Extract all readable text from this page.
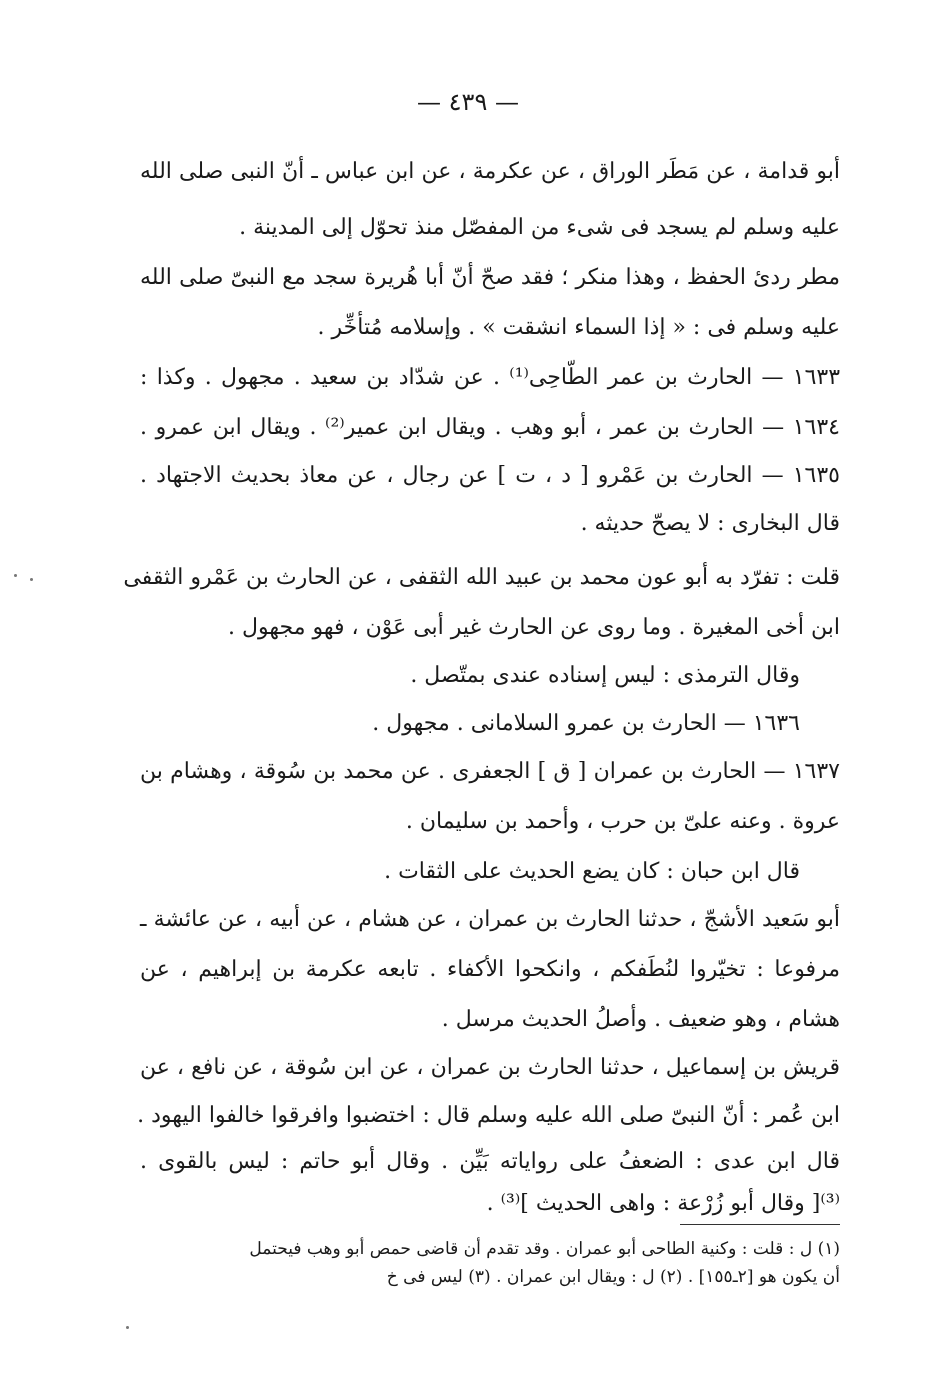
— ٤٣٩ —
أبو قدامة ، عن مَطَر الوراق ، عن عكرمة ، عن ابن عباس ـ أنّ النبى صلى الله
عليه وسلم لم يسجد فى شىء من المفصّل منذ تحوّل إلى المدينة .
مطر ردئ الحفظ ، وهذا منكر ؛ فقد صحّ أنّ أبا هُريرة سجد مع النبىّ صلى الله
عليه وسلم فى : « إذا السماء انشقت » . وإسلامه مُتأخِّر .
١٦٣٣ — الحارث بن عمر الطّاحِى⁽¹⁾ . عن شدّاد بن سعيد . مجهول . وكذا :
١٦٣٤ — الحارث بن عمر ، أبو وهب . ويقال ابن عمير⁽²⁾ . ويقال ابن عمرو .
١٦٣٥ — الحارث بن عَمْرو [ د ، ت ] عن رجال ، عن معاذ بحديث الاجتهاد .
قال البخارى : لا يصحّ حديثه .
قلت : تفرّد به أبو عون محمد بن عبيد الله الثقفى ، عن الحارث بن عَمْرو الثقفى
ابن أخى المغيرة . وما روى عن الحارث غير أبى عَوْن ، فهو مجهول .
وقال الترمذى : ليس إسناده عندى بمتّصل .
١٦٣٦ — الحارث بن عمرو السلامانى . مجهول .
١٦٣٧ — الحارث بن عمران [ ق ] الجعفرى . عن محمد بن سُوقة ، وهشام بن
عروة . وعنه علىّ بن حرب ، وأحمد بن سليمان .
قال ابن حبان : كان يضع الحديث على الثقات .
أبو سَعيد الأشجّ ، حدثنا الحارث بن عمران ، عن هشام ، عن أبيه ، عن عائشة ـ
مرفوعا : تخيّروا لنُطَفكم ، وانكحوا الأكفاء . تابعه عكرمة بن إبراهيم ، عن
هشام ، وهو ضعيف . وأصلُ الحديث مرسل .
قريش بن إسماعيل ، حدثنا الحارث بن عمران ، عن ابن سُوقة ، عن نافع ، عن
ابن عُمر : أنّ النبىّ صلى الله عليه وسلم قال : اختضبوا وافرقوا خالفوا اليهود .
قال ابن عدى : الضعفُ على رواياته بَيِّن . وقال أبو حاتم : ليس بالقوى .
⁽³⁾[ وقال أبو زُرْعة : واهى الحديث ]⁽³⁾ .
(١) ل : قلت : وكنية الطاحى أبو عمران . وقد تقدم أن قاضى حمص أبو وهب فيحتمل
أن يكون هو [٢ـ١٥٥] . (٢) ل : ويقال ابن عمران . (٣) ليس فى خ
